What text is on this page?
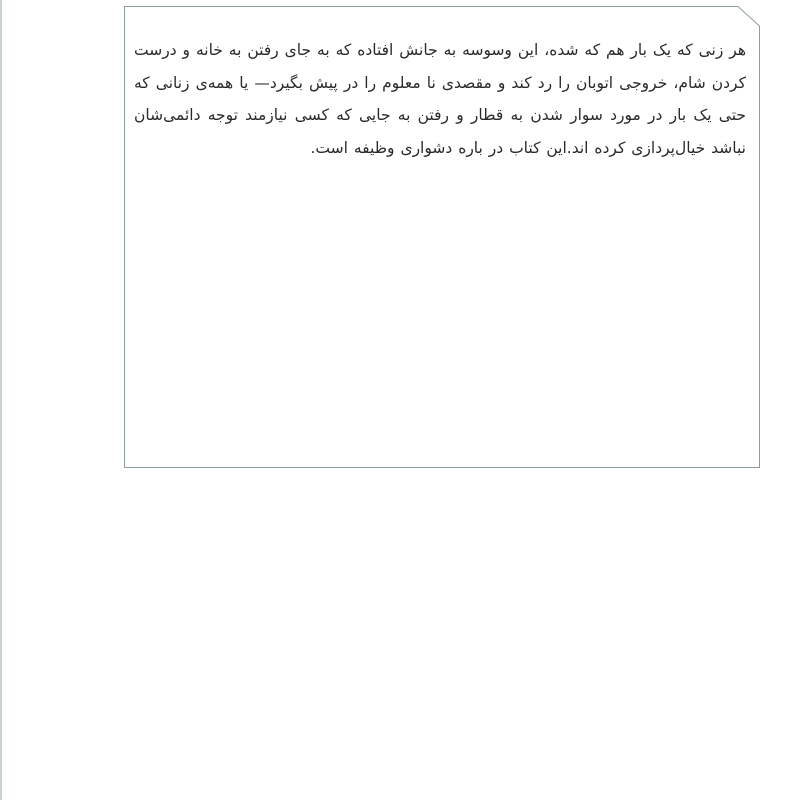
هر زنی که یک بار هم که شده، این وسوسه به جانش افتاده که به جای رفتن به خانه و درست کردن شام، خروجی اتوبان را رد کند و مقصدی نا معلوم را در پیش بگیرد— یا همه‌ی زنانی که حتی یک بار در مورد سوار شدن به قطار و رفتن به جایی که کسی نیازمند توجه دائمی‌شان نباشد خیال‌پردازی کرده اند.این کتاب در باره دشواری وظیفه است.
